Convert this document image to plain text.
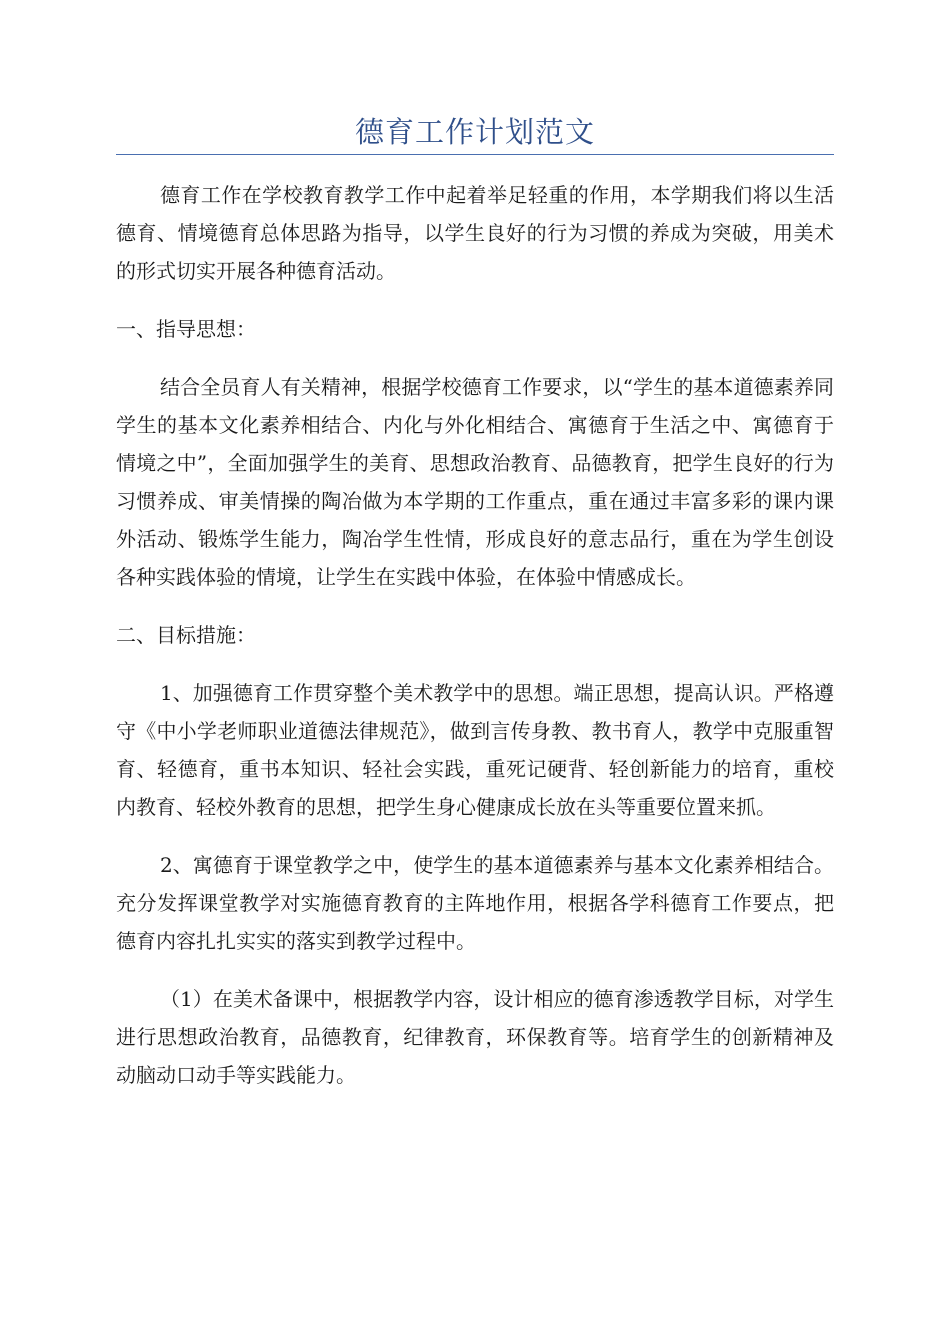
德育工作计划范文

德育工作在学校教育教学工作中起着举足轻重的作用，本学期我们将以生活德育、情境德育总体思路为指导，以学生良好的行为习惯的养成为突破，用美术的形式切实开展各种德育活动。

一、指导思想：

结合全员育人有关精神，根据学校德育工作要求，以“学生的基本道德素养同学生的基本文化素养相结合、内化与外化相结合、寓德育于生活之中、寓德育于情境之中”，全面加强学生的美育、思想政治教育、品德教育，把学生良好的行为习惯养成、审美情操的陶冶做为本学期的工作重点，重在通过丰富多彩的课内课外活动、锻炼学生能力，陶冶学生性情，形成良好的意志品行，重在为学生创设各种实践体验的情境，让学生在实践中体验，在体验中情感成长。

二、目标措施：

1、加强德育工作贯穿整个美术教学中的思想。端正思想，提高认识。严格遵守《中小学老师职业道德法律规范》，做到言传身教、教书育人，教学中克服重智育、轻德育，重书本知识、轻社会实践，重死记硬背、轻创新能力的培育，重校内教育、轻校外教育的思想，把学生身心健康成长放在头等重要位置来抓。

2、寓德育于课堂教学之中，使学生的基本道德素养与基本文化素养相结合。充分发挥课堂教学对实施德育教育的主阵地作用，根据各学科德育工作要点，把德育内容扎扎实实的落实到教学过程中。

（1）在美术备课中，根据教学内容，设计相应的德育渗透教学目标，对学生进行思想政治教育，品德教育，纪律教育，环保教育等。培育学生的创新精神及动脑动口动手等实践能力。
